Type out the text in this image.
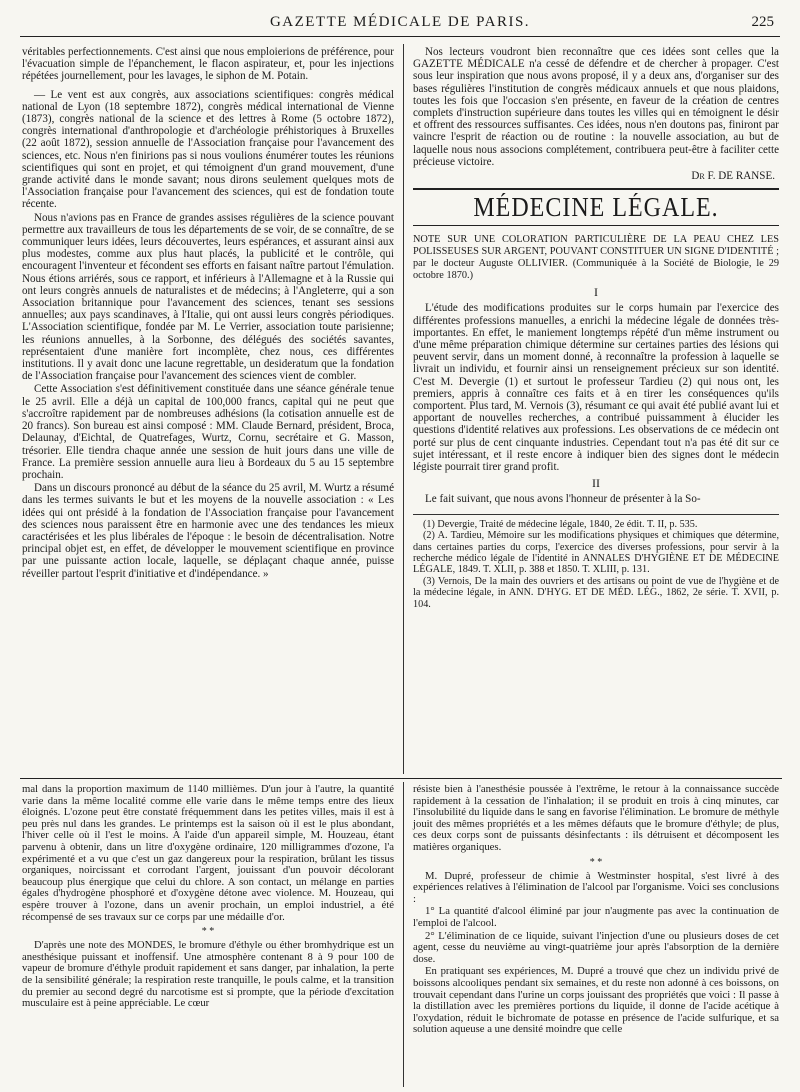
GAZETTE MÉDICALE DE PARIS.	225

véritables perfectionnements. C'est ainsi que nous emploierions de préférence, pour l'évacuation simple de l'épanchement, le flacon aspirateur, et, pour les injections répétées journellement, pour les lavages, le siphon de M. Potain.

— Le vent est aux congrès, aux associations scientifiques: congrès médical national de Lyon (18 septembre 1872), congrès médical international de Vienne (1873), congrès national de la science et des lettres à Rome (5 octobre 1872), congrès international d'anthropologie et d'archéologie préhistoriques à Bruxelles (22 août 1872), session annuelle de l'Association française pour l'avancement des sciences, etc. Nous n'en finirions pas si nous voulions énumérer toutes les réunions scientifiques qui sont en projet, et qui témoignent d'un grand mouvement, d'une grande activité dans le monde savant; nous dirons seulement quelques mots de l'Association française pour l'avancement des sciences, qui est de fondation toute récente.

Nous n'avions pas en France de grandes assises régulières de la science pouvant permettre aux travailleurs de tous les départements de se voir, de se connaître, de se communiquer leurs idées, leurs découvertes, leurs espérances, et assurant ainsi aux plus modestes, comme aux plus haut placés, la publicité et le contrôle, qui encouragent l'inventeur et fécondent ses efforts en faisant naître partout l'émulation. Nous étions arriérés, sous ce rapport, et inférieurs à l'Allemagne et à la Russie qui ont leurs congrès annuels de naturalistes et de médecins; à l'Angleterre, qui a son Association britannique pour l'avancement des sciences, tenant ses sessions annuelles; aux pays scandinaves, à l'Italie, qui ont aussi leurs congrès périodiques. L'Association scientifique, fondée par M. Le Verrier, association toute parisienne; les réunions annuelles, à la Sorbonne, des délégués des sociétés savantes, représentaient d'une manière fort incomplète, chez nous, ces différentes institutions. Il y avait donc une lacune regrettable, un desideratum que la fondation de l'Association française pour l'avancement des sciences vient de combler.

Cette Association s'est définitivement constituée dans une séance générale tenue le 25 avril. Elle a déjà un capital de 100,000 francs, capital qui ne peut que s'accroître rapidement par de nombreuses adhésions (la cotisation annuelle est de 20 francs). Son bureau est ainsi composé : MM. Claude Bernard, président, Broca, Delaunay, d'Eichtal, de Quatrefages, Wurtz, Cornu, secrétaire et G. Masson, trésorier. Elle tiendra chaque année une session de huit jours dans une ville de France. La première session annuelle aura lieu à Bordeaux du 5 au 15 septembre prochain.

Dans un discours prononcé au début de la séance du 25 avril, M. Wurtz a résumé dans les termes suivants le but et les moyens de la nouvelle association : « Les idées qui ont présidé à la fondation de l'Association française pour l'avancement des sciences nous paraissent être en harmonie avec une des tendances les mieux caractérisées et les plus libérales de l'époque : le besoin de décentralisation. Notre principal objet est, en effet, de développer le mouvement scientifique en province par une puissante action locale, laquelle, se déplaçant chaque année, puisse réveiller partout l'esprit d'initiative et d'indépendance. »

Nos lecteurs voudront bien reconnaître que ces idées sont celles que la GAZETTE MÉDICALE n'a cessé de défendre et de chercher à propager. C'est sous leur inspiration que nous avons proposé, il y a deux ans, d'organiser sur des bases régulières l'institution de congrès médicaux annuels et que nous plaidons, toutes les fois que l'occasion s'en présente, en faveur de la création de centres complets d'instruction supérieure dans toutes les villes qui en témoignent le désir et offrent des ressources suffisantes. Ces idées, nous n'en doutons pas, finiront par vaincre l'esprit de réaction ou de routine : la nouvelle association, au but de laquelle nous nous associons complétement, contribuera peut-être à faciliter cette précieuse victoire.

Dr F. DE RANSE.
MÉDECINE LÉGALE.
NOTE SUR UNE COLORATION PARTICULIÈRE DE LA PEAU CHEZ LES POLISSEUSES SUR ARGENT, POUVANT CONSTITUER UN SIGNE D'IDENTITÉ ; par le docteur Auguste OLLIVIER. (Communiquée à la Société de Biologie, le 29 octobre 1870.)
I

L'étude des modifications produites sur le corps humain par l'exercice des différentes professions manuelles, a enrichi la médecine légale de données très-importantes. En effet, le maniement longtemps répété d'un même instrument ou d'une même préparation chimique détermine sur certaines parties des lésions qui peuvent servir, dans un moment donné, à reconnaître la profession à laquelle se livrait un individu, et fournir ainsi un renseignement précieux sur son identité. C'est M. Devergie (1) et surtout le professeur Tardieu (2) qui nous ont, les premiers, appris à connaître ces faits et à en tirer les conséquences qu'ils comportent. Plus tard, M. Vernois (3), résumant ce qui avait été publié avant lui et apportant de nouvelles recherches, a contribué puissamment à élucider les questions d'identité relatives aux professions. Les observations de ce médecin ont porté sur plus de cent cinquante industries. Cependant tout n'a pas été dit sur ce sujet intéressant, et il reste encore à indiquer bien des signes dont le médecin légiste pourrait tirer grand profit.

II

Le fait suivant, que nous avons l'honneur de présenter à la So-

(1) Devergie, Traité de médecine légale, 1840, 2e édit. T. II, p. 535.

(2) A. Tardieu, Mémoire sur les modifications physiques et chimiques que détermine, dans certaines parties du corps, l'exercice des diverses professions, pour servir à la recherche médico légale de l'identité in ANNALES D'HYGIÈNE ET DE MÉDECINE LÉGALE, 1849. T. XLII, p. 388 et 1850. T. XLIII, p. 131.

(3) Vernois, De la main des ouvriers et des artisans ou point de vue de l'hygiène et de la médecine légale, in ANN. D'HYG. ET DE MÉD. LÉG., 1862, 2e série. T. XVII, p. 104.

mal dans la proportion maximum de 1140 millièmes. D'un jour à l'autre, la quantité varie dans la même localité comme elle varie dans le même temps entre des lieux éloignés. L'ozone peut être constaté fréquemment dans les petites villes, mais il est à peu près nul dans les grandes. Le printemps est la saison où il est le plus abondant, l'hiver celle où il l'est le moins. A l'aide d'un appareil simple, M. Houzeau, étant parvenu à obtenir, dans un litre d'oxygène ordinaire, 120 milligrammes d'ozone, l'a expérimenté et a vu que c'est un gaz dangereux pour la respiration, brûlant les tissus organiques, noircissant et corrodant l'argent, jouissant d'un pouvoir décolorant beaucoup plus énergique que celui du chlore. A son contact, un mélange en parties égales d'hydrogène phosphoré et d'oxygène détone avec violence. M. Houzeau, qui espère trouver à l'ozone, dans un avenir prochain, un emploi industriel, a été récompensé de ses travaux sur ce corps par une médaille d'or.

* *

D'après une note des MONDES, le bromure d'éthyle ou éther bromhydrique est un anesthésique puissant et inoffensif. Une atmosphère contenant 8 à 9 pour 100 de vapeur de bromure d'éthyle produit rapidement et sans danger, par inhalation, la perte de la sensibilité générale; la respiration reste tranquille, le pouls calme, et la transition du premier au second degré du narcotisme est si prompte, que la période d'excitation musculaire est à peine appréciable. Le cœur

résiste bien à l'anesthésie poussée à l'extrême, le retour à la connaissance succède rapidement à la cessation de l'inhalation; il se produit en trois à cinq minutes, car l'insolubilité du liquide dans le sang en favorise l'élimination. Le bromure de méthyle jouit des mêmes propriétés et a les mêmes défauts que le bromure d'éthyle; de plus, ces deux corps sont de puissants désinfectants : ils détruisent et décomposent les matières organiques.

* *

M. Dupré, professeur de chimie à Westminster hospital, s'est livré à des expériences relatives à l'élimination de l'alcool par l'organisme. Voici ses conclusions :

1° La quantité d'alcool éliminé par jour n'augmente pas avec la continuation de l'emploi de l'alcool.

2° L'élimination de ce liquide, suivant l'injection d'une ou plusieurs doses de cet agent, cesse du neuvième au vingt-quatrième jour après l'absorption de la dernière dose.

En pratiquant ses expériences, M. Dupré a trouvé que chez un individu privé de boissons alcooliques pendant six semaines, et du reste non adonné à ces boissons, on trouvait cependant dans l'urine un corps jouissant des propriétés que voici : Il passe à la distillation avec les premières portions du liquide, il donne de l'acide acétique à l'oxydation, réduit le bichromate de potasse en présence de l'acide sulfurique, et sa solution aqueuse a une densité moindre que celle
